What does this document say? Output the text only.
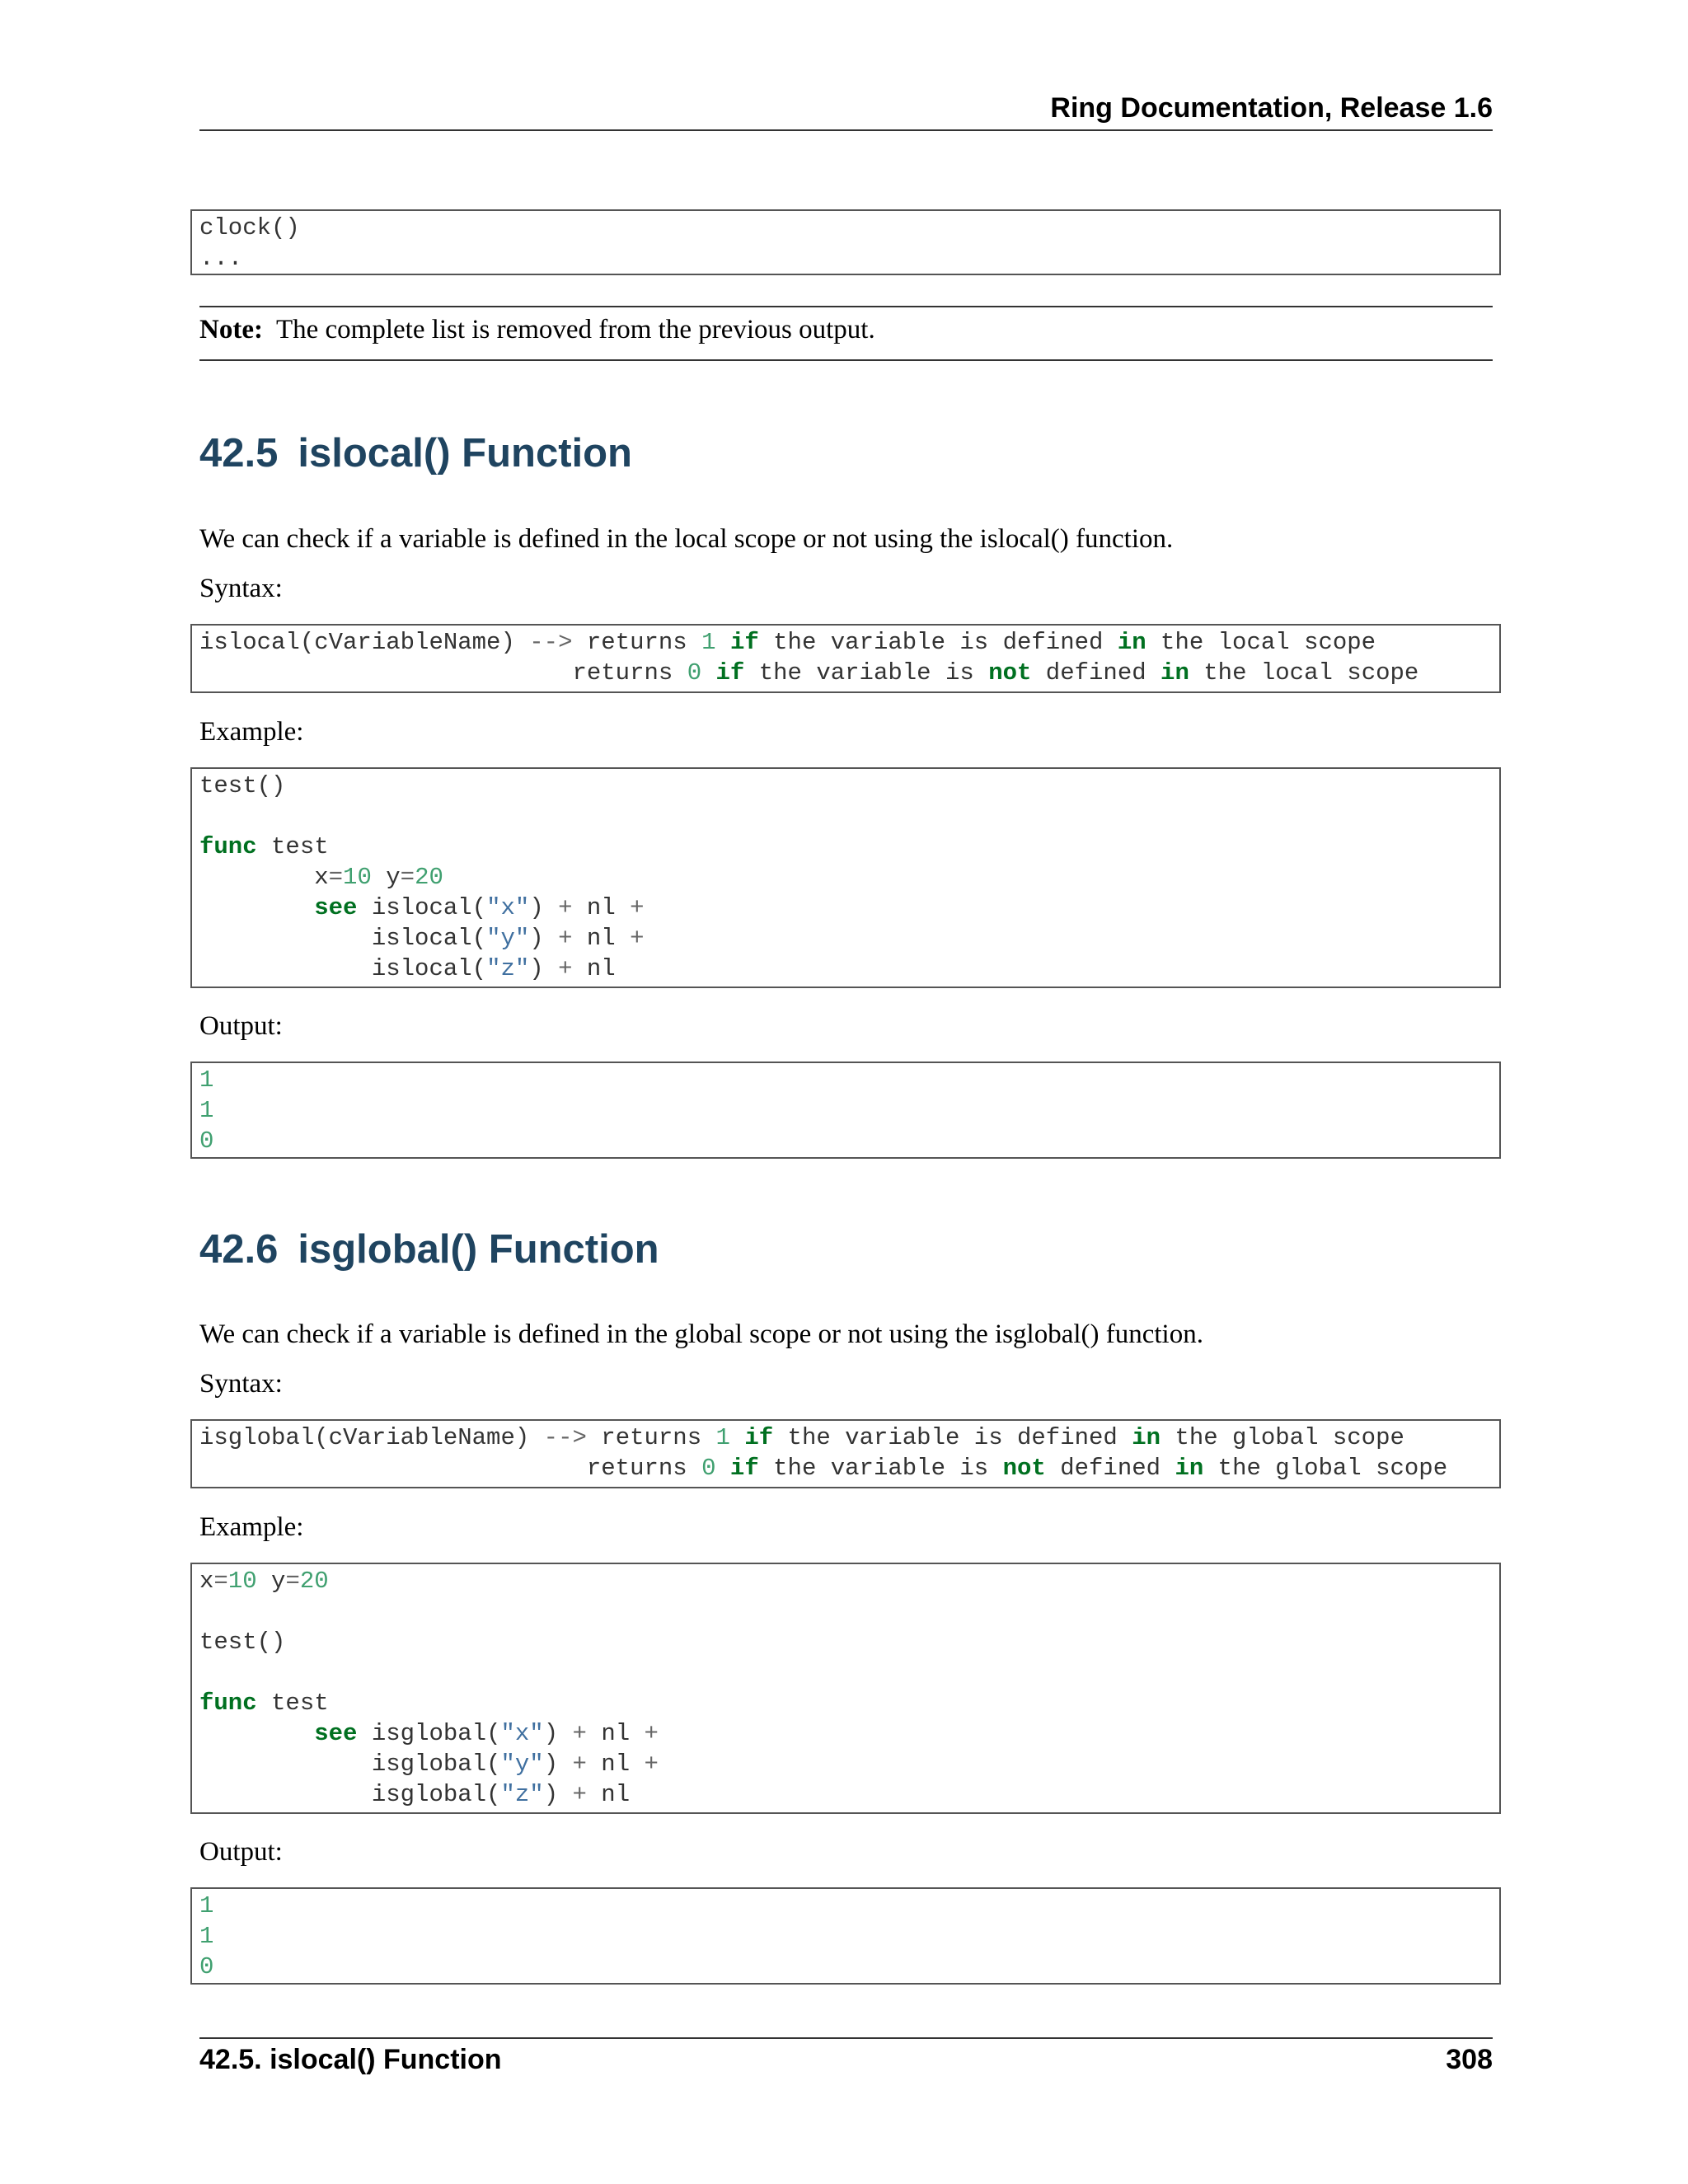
Ring Documentation, Release 1.6
clock()
...
Note: The complete list is removed from the previous output.
42.5 islocal() Function
We can check if a variable is defined in the local scope or not using the islocal() function.
Syntax:
islocal(cVariableName) --> returns 1 if the variable is defined in the local scope
returns 0 if the variable is not defined in the local scope
Example:
test()

func test
x=10 y=20
see islocal("x") + nl +
islocal("y") + nl +
islocal("z") + nl
Output:
1
1
0
42.6 isglobal() Function
We can check if a variable is defined in the global scope or not using the isglobal() function.
Syntax:
isglobal(cVariableName) --> returns 1 if the variable is defined in the global scope
returns 0 if the variable is not defined in the global scope
Example:
x=10 y=20

test()

func test
see isglobal("x") + nl +
isglobal("y") + nl +
isglobal("z") + nl
Output:
1
1
0
42.5. islocal() Function	308
